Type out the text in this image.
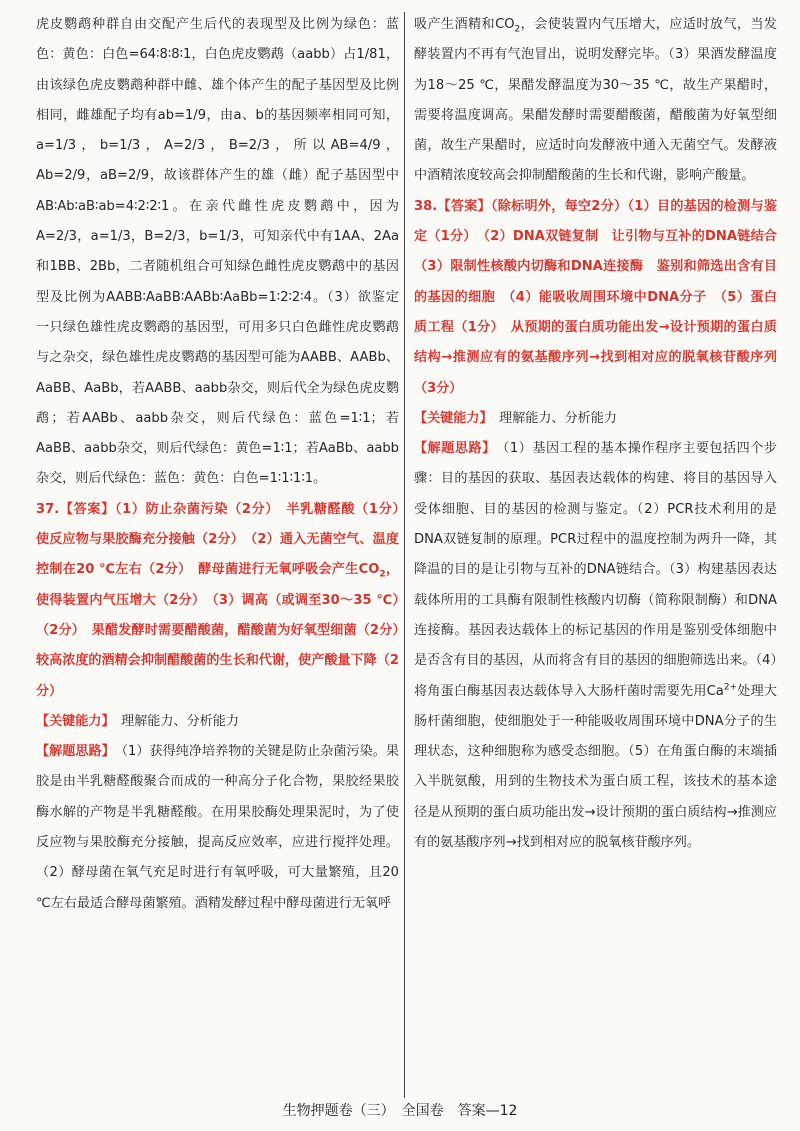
虎皮鹦鹉种群自由交配产生后代的表现型及比例为绿色：蓝色：黄色：白色=64∶8∶8∶1，白色虎皮鹦鹉（aabb）占1/81，由该绿色虎皮鹦鹉种群中雌、雄个体产生的配子基因型及比例相同，雌雄配子均有ab=1/9，由a、b的基因频率相同可知，a=1/3，b=1/3，A=2/3，B=2/3，所以AB=4/9，Ab=2/9，aB=2/9，故该群体产生的雄（雌）配子基因型中AB∶Ab∶aB∶ab=4∶2∶2∶1。在亲代雌性虎皮鹦鹉中，因为A=2/3，a=1/3，B=2/3，b=1/3，可知亲代中有1AA、2Aa和1BB、2Bb，二者随机组合可知绿色雌性虎皮鹦鹉中的基因型及比例为AABB∶AaBB∶AABb∶AaBb=1∶2∶2∶4。（3）欲鉴定一只绿色雄性虎皮鹦鹉的基因型，可用多只白色雌性虎皮鹦鹉与之杂交，绿色雄性虎皮鹦鹉的基因型可能为AABB、AABb、AaBB、AaBb，若AABB、aabb杂交，则后代全为绿色虎皮鹦鹉；若AABb、aabb杂交，则后代绿色：蓝色=1∶1；若AaBB、aabb杂交，则后代绿色：黄色=1∶1；若AaBb、aabb杂交，则后代绿色：蓝色：黄色：白色=1∶1∶1∶1。

37.【答案】（1）防止杂菌污染（2分）　半乳糖醛酸（1分）　使反应物与果胶酶充分接触（2分）　（2）通入无菌空气、温度控制在20 ℃左右（2分）　酵母菌进行无氧呼吸会产生$CO_2$，使得装置内气压增大（2分）　（3）调高（或调至30～35 ℃）（2分）　果醋发酵时需要醋酸菌，醋酸菌为好氧型细菌（2分）　较高浓度的酒精会抑制醋酸菌的生长和代谢，使产酸量下降（2分）

【关键能力】　 理解能力、分析能力

【解题思路】　 （1）获得纯净培养物的关键是防止杂菌污染。果胶是由半乳糖醛酸聚合而成的一种高分子化合物，果胶经果胶酶水解的产物是半乳糖醛酸。在用果胶酶处理果泥时，为了使反应物与果胶酶充分接触，提高反应效率，应进行搅拌处理。（2）酵母菌在氧气充足时进行有氧呼吸，可大量繁殖，且20 ℃左右最适合酵母菌繁殖。酒精发酵过程中酵母菌进行无氧呼

吸产生酒精和$CO_2$，会使装置内气压增大，应适时放气，当发酵装置内不再有气泡冒出，说明发酵完毕。（3）果酒发酵温度为18～25 ℃，果醋发酵温度为30～35 ℃，故生产果醋时，需要将温度调高。果醋发酵时需要醋酸菌，醋酸菌为好氧型细菌，故生产果醋时，应适时向发酵液中通入无菌空气。发酵液中酒精浓度较高会抑制醋酸菌的生长和代谢，影响产酸量。

38.【答案】（除标明外，每空2分）（1）目的基因的检测与鉴定（1分）　（2）DNA双链复制　让引物与互补的DNA链结合　（3）限制性核酸内切酶和DNA连接酶　鉴别和筛选出含有目的基因的细胞　（4）能吸收周围环境中DNA分子　（5）蛋白质工程（1分）　从预期的蛋白质功能出发→设计预期的蛋白质结构→推测应有的氨基酸序列→找到相对应的脱氧核苷酸序列（3分）

【关键能力】　 理解能力、分析能力

【解题思路】　 （1）基因工程的基本操作程序主要包括四个步骤：目的基因的获取、基因表达载体的构建、将目的基因导入受体细胞、目的基因的检测与鉴定。（2）PCR技术利用的是DNA双链复制的原理。PCR过程中的温度控制为两升一降，其降温的目的是让引物与互补的DNA链结合。（3）构建基因表达载体所用的工具酶有限制性核酸内切酶（简称限制酶）和DNA连接酶。基因表达载体上的标记基因的作用是鉴别受体细胞中是否含有目的基因，从而将含有目的基因的细胞筛选出来。（4）将角蛋白酶基因表达载体导入大肠杆菌时需要先用$Ca^{2+}$处理大肠杆菌细胞，使细胞处于一种能吸收周围环境中DNA分子的生理状态，这种细胞称为感受态细胞。（5）在角蛋白酶的末端插入半胱氨酸，用到的生物技术为蛋白质工程，该技术的基本途径是从预期的蛋白质功能出发→设计预期的蛋白质结构→推测应有的氨基酸序列→找到相对应的脱氧核苷酸序列。

生物押题卷（三）　全国卷　答案—12
